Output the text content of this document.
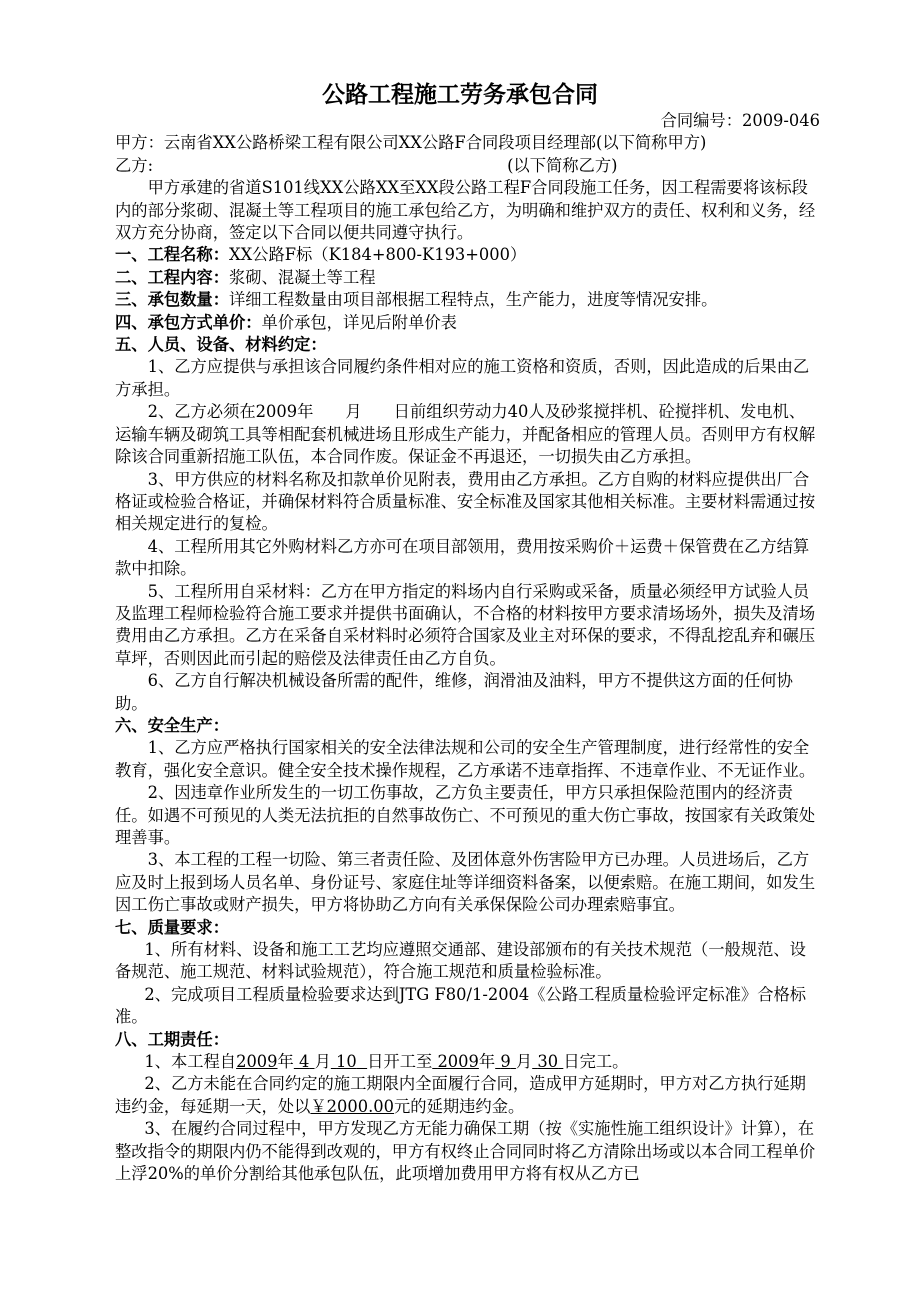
公路工程施工劳务承包合同

合同编号：2009-046

甲方：云南省XX公路桥梁工程有限公司XX公路F合同段项目经理部(以下简称甲方)

乙方:	(以下简称乙方)

甲方承建的省道S101线XX公路XX至XX段公路工程F合同段施工任务，因工程需要将该标段内的部分浆砌、混凝土等工程项目的施工承包给乙方，为明确和维护双方的责任、权利和义务，经双方充分协商，签定以下合同以便共同遵守执行。

一、工程名称：XX公路F标（K184+800-K193+000）

二、工程内容：浆砌、混凝土等工程

三、承包数量：详细工程数量由项目部根据工程特点，生产能力，进度等情况安排。

四、承包方式单价：单价承包，详见后附单价表

五、人员、设备、材料约定：

1、乙方应提供与承担该合同履约条件相对应的施工资格和资质，否则，因此造成的后果由乙方承担。

2、乙方必须在2009年 月 日前组织劳动力40人及砂浆搅拌机、砼搅拌机、发电机、运输车辆及砌筑工具等相配套机械进场且形成生产能力，并配备相应的管理人员。否则甲方有权解除该合同重新招施工队伍，本合同作废。保证金不再退还，一切损失由乙方承担。

3、甲方供应的材料名称及扣款单价见附表，费用由乙方承担。乙方自购的材料应提供出厂合格证或检验合格证，并确保材料符合质量标准、安全标准及国家其他相关标准。主要材料需通过按相关规定进行的复检。

4、工程所用其它外购材料乙方亦可在项目部领用，费用按采购价＋运费＋保管费在乙方结算款中扣除。

5、工程所用自采材料：乙方在甲方指定的料场内自行采购或采备，质量必须经甲方试验人员及监理工程师检验符合施工要求并提供书面确认，不合格的材料按甲方要求清场场外，损失及清场费用由乙方承担。乙方在采备自采材料时必须符合国家及业主对环保的要求，不得乱挖乱弃和碾压草坪，否则因此而引起的赔偿及法律责任由乙方自负。

6、乙方自行解决机械设备所需的配件，维修，润滑油及油料，甲方不提供这方面的任何协助。

六、安全生产：

1、乙方应严格执行国家相关的安全法律法规和公司的安全生产管理制度，进行经常性的安全教育，强化安全意识。健全安全技术操作规程，乙方承诺不违章指挥、不违章作业、不无证作业。

2、因违章作业所发生的一切工伤事故，乙方负主要责任，甲方只承担保险范围内的经济责任。如遇不可预见的人类无法抗拒的自然事故伤亡、不可预见的重大伤亡事故，按国家有关政策处理善事。

3、本工程的工程一切险、第三者责任险、及团体意外伤害险甲方已办理。人员进场后，乙方应及时上报到场人员名单、身份证号、家庭住址等详细资料备案，以便索赔。在施工期间，如发生因工伤亡事故或财产损失，甲方将协助乙方向有关承保保险公司办理索赔事宜。

七、质量要求：

1、所有材料、设备和施工工艺均应遵照交通部、建设部颁布的有关技术规范（一般规范、设备规范、施工规范、材料试验规范），符合施工规范和质量检验标准。

2、完成项目工程质量检验要求达到JTG F80/1-2004《公路工程质量检验评定标准》合格标准。

八、工期责任：

1、本工程自2009年 4 月 10 日开工至 2009年 9 月 30 日完工。

2、乙方未能在合同约定的施工期限内全面履行合同，造成甲方延期时，甲方对乙方执行延期违约金，每延期一天，处以￥2000.00元的延期违约金。

3、在履约合同过程中，甲方发现乙方无能力确保工期（按《实施性施工组织设计》计算），在整改指令的期限内仍不能得到改观的，甲方有权终止合同同时将乙方清除出场或以本合同工程单价上浮20%的单价分割给其他承包队伍，此项增加费用甲方将有权从乙方已
